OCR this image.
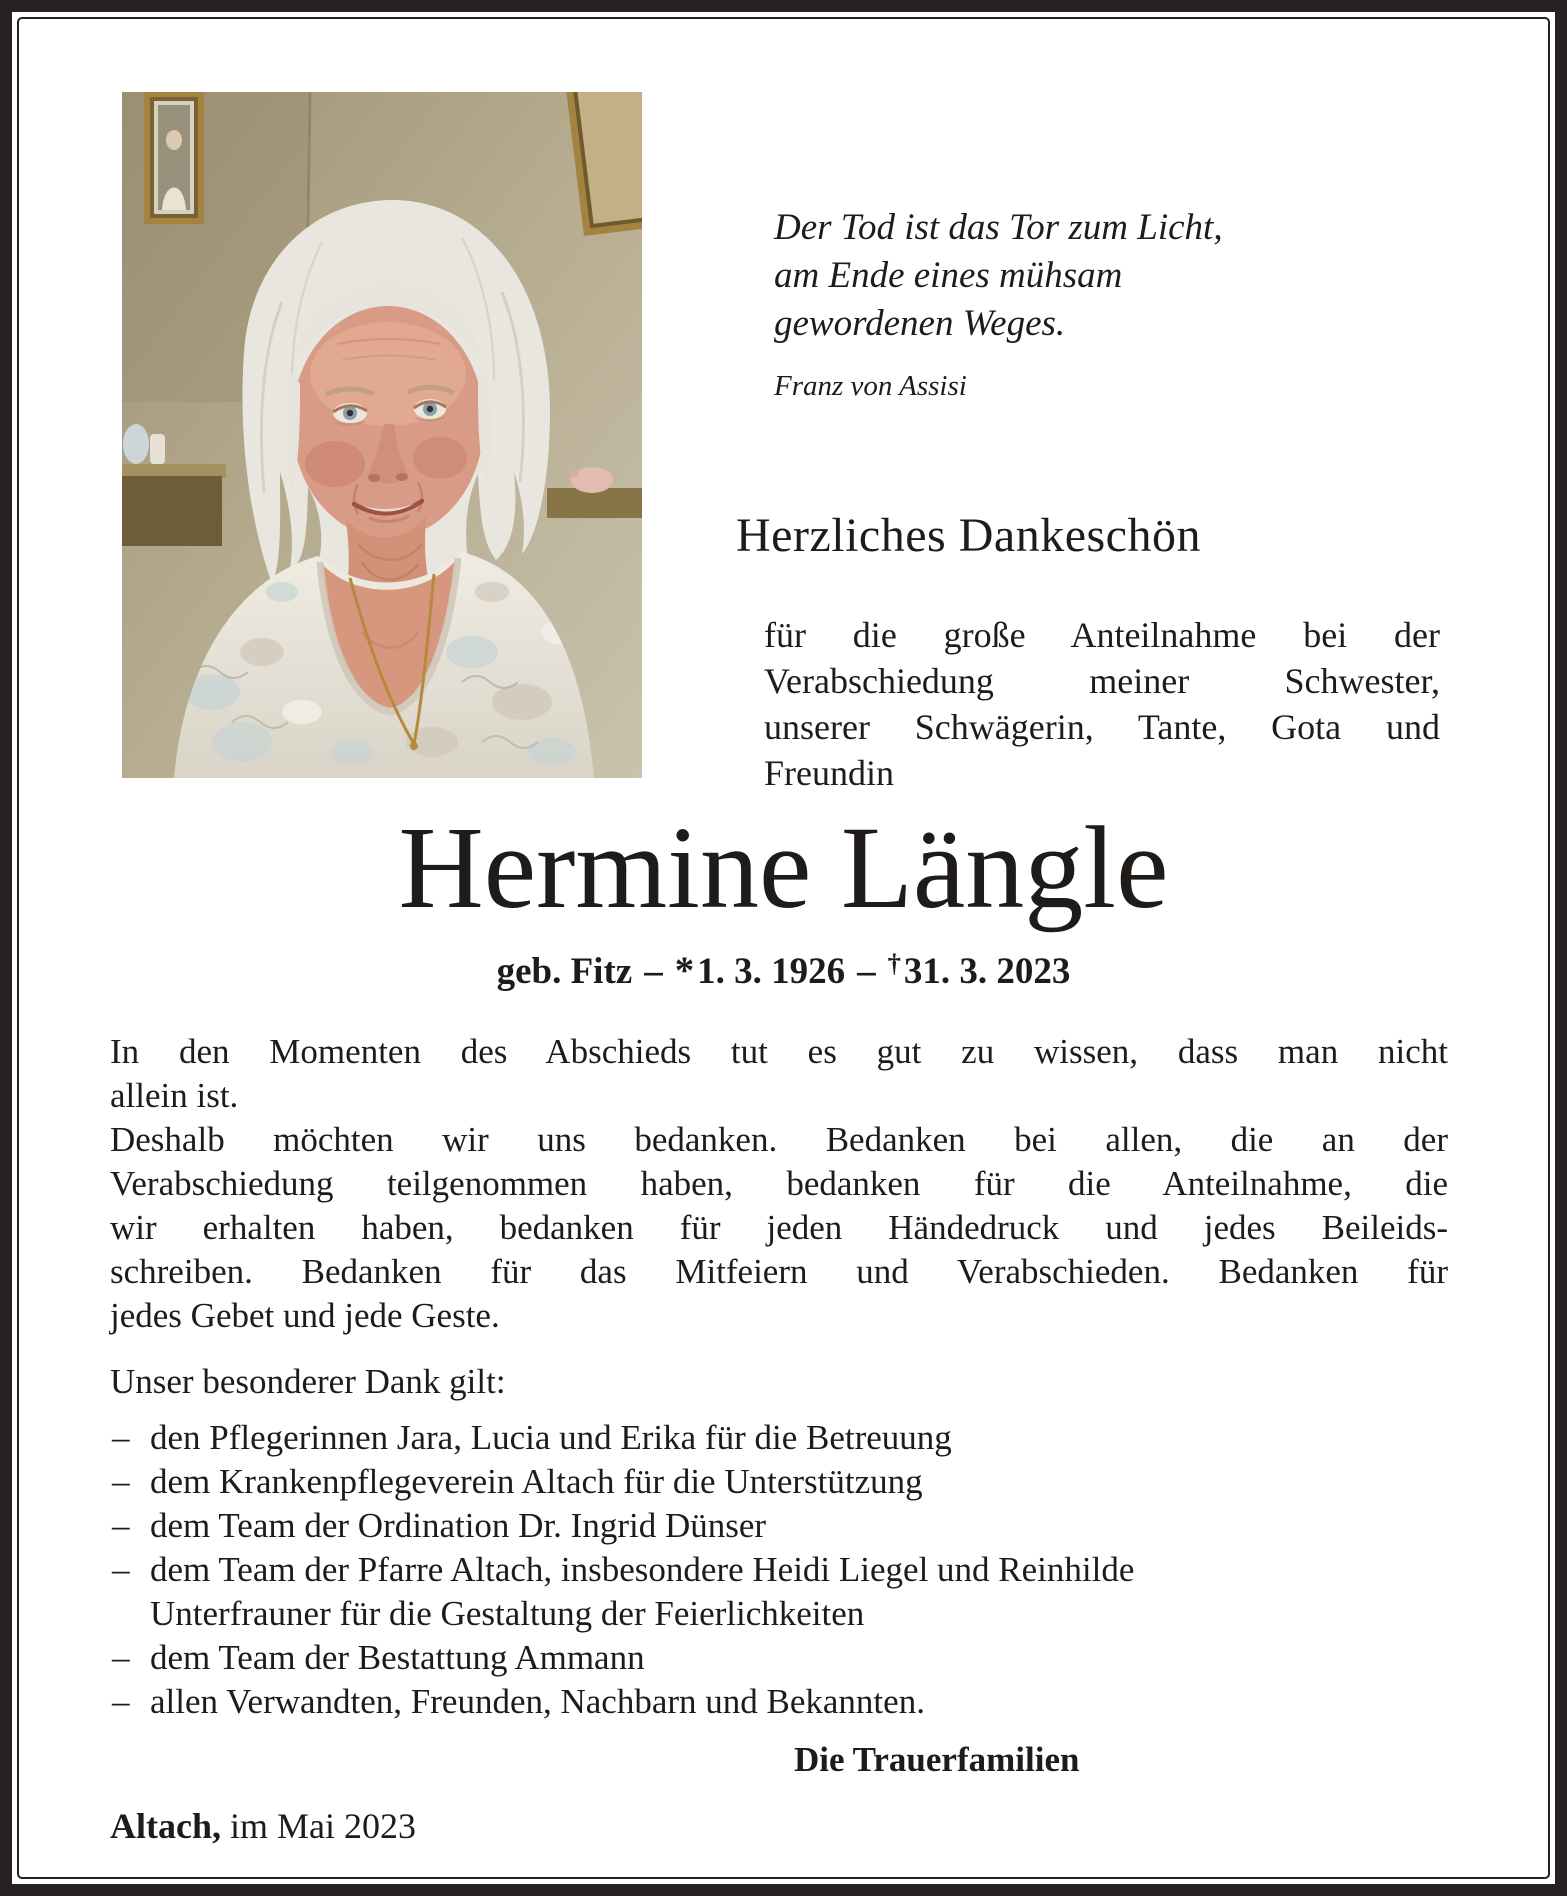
Der Tod ist das Tor zum Licht,
am Ende eines mühsam
gewordenen Weges.
Franz von Assisi
Herzliches Dankeschön
für die große Anteilnahme bei der
Verabschiedung meiner Schwester,
unserer Schwägerin, Tante, Gota und
Freundin
Hermine Längle
geb. Fitz – *1. 3. 1926 – †31. 3. 2023
In den Momenten des Abschieds tut es gut zu wissen, dass man nicht
allein ist.
Deshalb möchten wir uns bedanken. Bedanken bei allen, die an der
Verabschiedung teilgenommen haben, bedanken für die Anteilnahme, die
wir erhalten haben, bedanken für jeden Händedruck und jedes Beileids-
schreiben. Bedanken für das Mitfeiern und Verabschieden. Bedanken für
jedes Gebet und jede Geste.
Unser besonderer Dank gilt:
– den Pflegerinnen Jara, Lucia und Erika für die Betreuung
– dem Krankenpflegeverein Altach für die Unterstützung
– dem Team der Ordination Dr. Ingrid Dünser
– dem Team der Pfarre Altach, insbesondere Heidi Liegel und Reinhilde
Unterfrauner für die Gestaltung der Feierlichkeiten
– dem Team der Bestattung Ammann
– allen Verwandten, Freunden, Nachbarn und Bekannten.
Die Trauerfamilien
Altach, im Mai 2023
